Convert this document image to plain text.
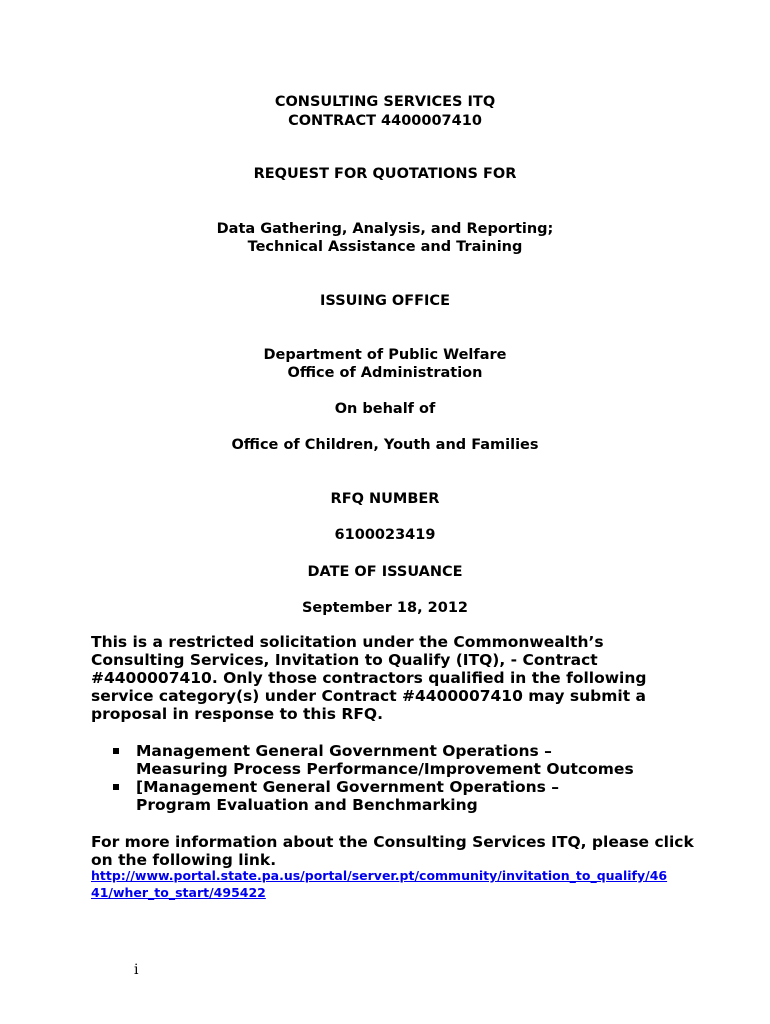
CONSULTING SERVICES ITQ
CONTRACT 4400007410
REQUEST FOR QUOTATIONS FOR
Data Gathering, Analysis, and Reporting;
Technical Assistance and Training
ISSUING OFFICE
Department of Public Welfare
Office of Administration
On behalf of
Office of Children, Youth and Families
RFQ NUMBER
6100023419
DATE OF ISSUANCE
September 18, 2012
This is a restricted solicitation under the Commonwealth’s
Consulting Services, Invitation to Qualify (ITQ), - Contract
#4400007410. Only those contractors qualified in the following
service category(s) under Contract #4400007410 may submit a
proposal in response to this RFQ.
Management General Government Operations –
Measuring Process Performance/Improvement Outcomes
[Management General Government Operations –
Program Evaluation and Benchmarking
For more information about the Consulting Services ITQ, please click
on the following link.
http://www.portal.state.pa.us/portal/server.pt/community/invitation_to_qualify/46
41/wher_to_start/495422
i
